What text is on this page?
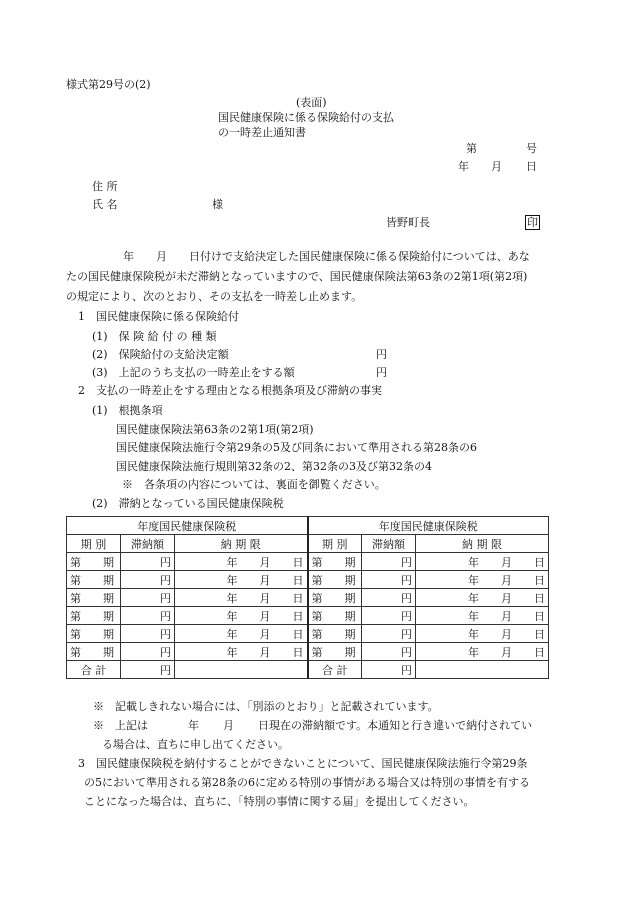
様式第29号の(2)
(表面)
国民健康保険に係る保険給付の支払
の一時差止通知書
第	号
年 月 日
住 所
氏 名	様
皆野町長	印
年 月 日付けで支給決定した国民健康保険に係る保険給付については、あな
たの国民健康保険税が未だ滞納となっていますので、国民健康保険法第63条の2第1項(第2項)
の規定により、次のとおり、その支払を一時差し止めます。
1　国民健康保険に係る保険給付
(1)　保 険 給 付 の 種 類
(2)　保険給付の支給決定額	円
(3)　上記のうち支払の一時差止をする額	円
2　支払の一時差止をする理由となる根拠条項及び滞納の事実
(1)　根拠条項
国民健康保険法第63条の2第1項(第2項)
国民健康保険法施行令第29条の5及び同条において準用される第28条の6
国民健康保険法施行規則第32条の2、第32条の3及び第32条の4
※　各条項の内容については、裏面を御覧ください。
(2)　滞納となっている国民健康保険税
年度国民健康保険税			年度国民健康保険税		
期 別	滞納額	納 期 限	期 別	滞納額	納 期 限
第 期	円	年 月 日	第 期	円	年 月 日
第 期	円	年 月 日	第 期	円	年 月 日
第 期	円	年 月 日	第 期	円	年 月 日
第 期	円	年 月 日	第 期	円	年 月 日
第 期	円	年 月 日	第 期	円	年 月 日
第 期	円	年 月 日	第 期	円	年 月 日
合 計	円		合 計	円	
※　記載しきれない場合には、「別添のとおり」と記載されています。
※　上記は	年 月 日現在の滞納額です。本通知と行き違いで納付されてい
る場合は、直ちに申し出てください。
3　国民健康保険税を納付することができないことについて、国民健康保険法施行令第29条
の5において準用される第28条の6に定める特別の事情がある場合又は特別の事情を有する
ことになった場合は、直ちに、「特別の事情に関する届」を提出してください。
